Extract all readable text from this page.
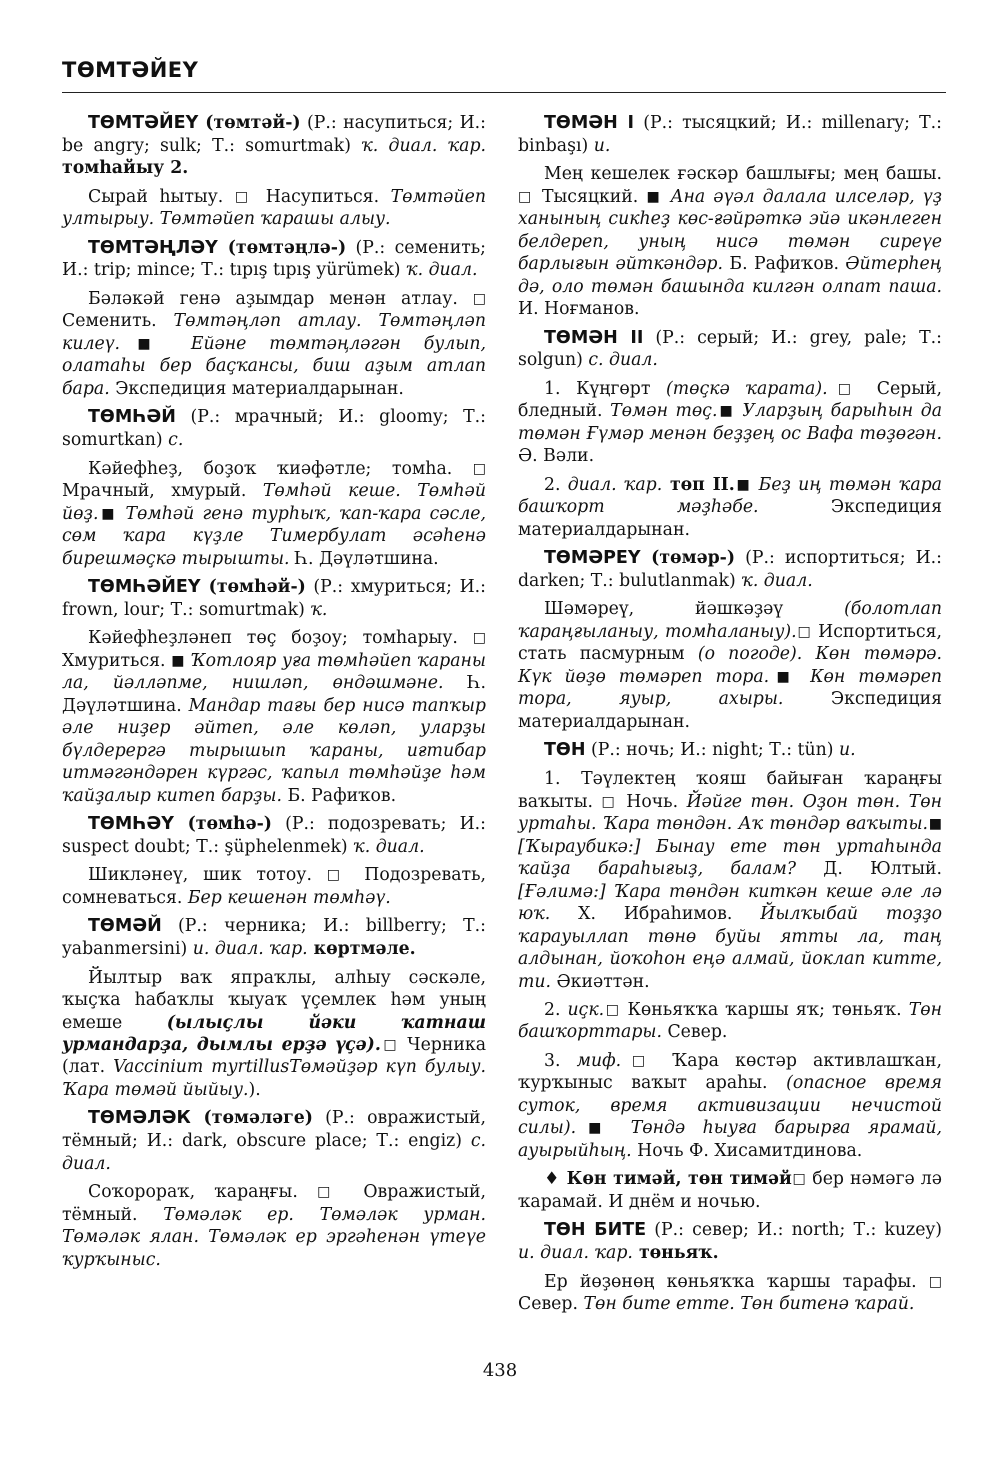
ТӨМТӘЙЕҮ

ТӨМТӘЙЕҮ (төмтәй-) (Р.: насупиться; И.: be angry; sulk; Т.: somurtmak) ҡ. диал. ҡар. томһайыу 2.

Сырай һытыу. □ Насупиться. Төмтәйеп ултырыу. Төмтәйеп ҡарашы алыу.

ТӨМТӘҢЛӘҮ (төмтәңлә-) (Р.: семенить; И.: trip; mince; Т.: tıpış tıpış yürümek) ҡ. диал.

Бәләкәй генә аҙымдар менән атлау. □ Семенить. Төмтәңләп атлау. Төмтәңләп килеү.■ Ейәне төмтәңләгән булып, олатаһы бер баҫҡансы, биш аҙым атлап бара. Экспедиция материалдарынан.

ТӨМҺӘЙ (Р.: мрачный; И.: gloomy; Т.: somurtkan) с.

Кәйефһеҙ, боҙоҡ ҡиәфәтле; томһа. □ Мрачный, хмурый. Төмһәй кеше. Төмһәй йөҙ.■ Төмһәй генә турһыҡ, ҡап-ҡара сәсле, сөм ҡара күҙле Тимербулат әсәһенә бирешмәҫкә тырышты. Һ. Дәүләтшина.

ТӨМҺӘЙЕҮ (төмһәй-) (Р.: хмуриться; И.: frown, lour; Т.: somurtmak) ҡ.

Кәйефһеҙләнеп төҫ боҙоу; томһарыу. □ Хмуриться. ■ Ҡотлояр уға төмһәйеп ҡараны ла, йәлләпме, нишләп, өндәшмәне. Һ. Дәүләтшина. Мандар тағы бер нисә тапҡыр әле ниҙер әйтеп, әле көләп, уларҙы бүлдерергә тырышып ҡараны, иғтибар итмәгәндәрен күргәс, ҡапыл төмһәйҙе һәм ҡайҙалыр китеп барҙы. Б. Рафиҡов.

ТӨМҺӘҮ (төмһә-) (Р.: подозревать; И.: suspect doubt; Т.: şüphelenmek) ҡ. диал.

Шикләнеү, шик тотоу. □ Подозревать, сомневаться. Бер кешенән төмһәү.

ТӨМӘЙ (Р.: черника; И.: billberry; Т.: yabanmersini) и. диал. ҡар. көртмәле.

Йылтыр ваҡ япраҡлы, алһыу сәскәле, ҡыҫҡа һабаҡлы ҡыуаҡ үҫемлек һәм уның емеше (ылыҫлы йәки ҡатнаш урмандарҙа, дымлы ерҙә үҫә).□ Черника (лат. Vaccinium myrtillusТөмәйҙәр күп булыу. Ҡара төмәй йыйыу.).

ТӨМӘЛӘК (төмәләге) (Р.: овражистый, тёмный; И.: dark, obscure place; Т.: engiz) с. диал.

Соҡорораҡ, ҡараңғы. □ Овражистый, тёмный. Төмәләк ер. Төмәләк урман. Төмәләк ялан. Төмәләк ер эргәһенән үтеүе ҡурҡыныс.

ТӨМӘН I (Р.: тысяцкий; И.: millenary; Т.: binbaşı) и.

Мең кешелек ғәскәр башлығы; мең башы. □ Тысяцкий. ■ Ана әүәл далала илселәр, үҙ ханының сикһеҙ көс-ғәйрәткә эйә икәнлеген белдереп, уның нисә төмән сиреүе барлығын әйткәндәр. Б. Рафиҡов. Әйтерһең дә, оло төмән башында килгән олпат паша. И. Ноғманов.

ТӨМӘН II (Р.: серый; И.: grey, pale; Т.: solgun) с. диал.

1. Күңгөрт (төҫкә ҡарата).□ Серый, бледный. Төмән төҫ.■ Уларҙың барыһын да төмән Ғүмәр менән беҙҙең ос Вафа төҙөгән. Ә. Вәли.

2. диал. ҡар. төп II.■ Беҙ иң төмән ҡара башҡорт мәҙһәбе. Экспедиция материалдарынан.

ТӨМӘРЕҮ (төмәр-) (Р.: испортиться; И.: darken; Т.: bulutlanmak) ҡ. диал.

Шәмәреү, йәшкәҙәү (болотлап ҡараңғыланыу, томһаланыу).□ Испортиться, стать пасмурным (о погоде). Көн төмәрә. Күк йөҙө төмәреп тора.■ Көн төмәреп тора, яуыр, ахыры. Экспедиция материалдарынан.

ТӨН (Р.: ночь; И.: night; Т.: tün) и.

1. Тәүлектең ҡояш байыған ҡараңғы ваҡыты. □ Ночь. Йәйге төн. Оҙон төн. Төн уртаһы. Ҡара төндән. Аҡ төндәр ваҡыты.■ [Ҡыраубикә:] Бынау ете төн уртаһында ҡайҙа бараһығыҙ, балам? Д. Юлтый. [Ғәлимә:] Ҡара төндән киткән кеше әле лә юҡ. Х. Ибраһимов. Йылҡыбай тоҙҙо ҡарауыллап төнө буйы ятты ла, таң алдынан, йоҡоһон еңә алмай, йоклап китте, ти. Әкиәттән.

2. иҫк.□ Көньяҡҡа ҡаршы яҡ; төньяҡ. Төн башҡорттары. Север.

3. миф.□ Ҡара көстәр активлашҡан, ҡурҡыныс ваҡыт араһы. (опасное время суток, время активизации нечистой силы).■ Төндә һыуға барырға ярамай, ауырыйһың. Ночь Ф. Хисамитдинова.

♦ Көн тимәй, төн тимәй□ бер нәмәгә лә ҡарамай. И днём и ночью.

ТӨН БИТЕ (Р.: север; И.: north; Т.: kuzey) и. диал. ҡар. төньяҡ.

Ер йөҙөнөң көньяҡҡа ҡаршы тарафы. □ Север. Төн бите етте. Төн битенә ҡарай.

438
